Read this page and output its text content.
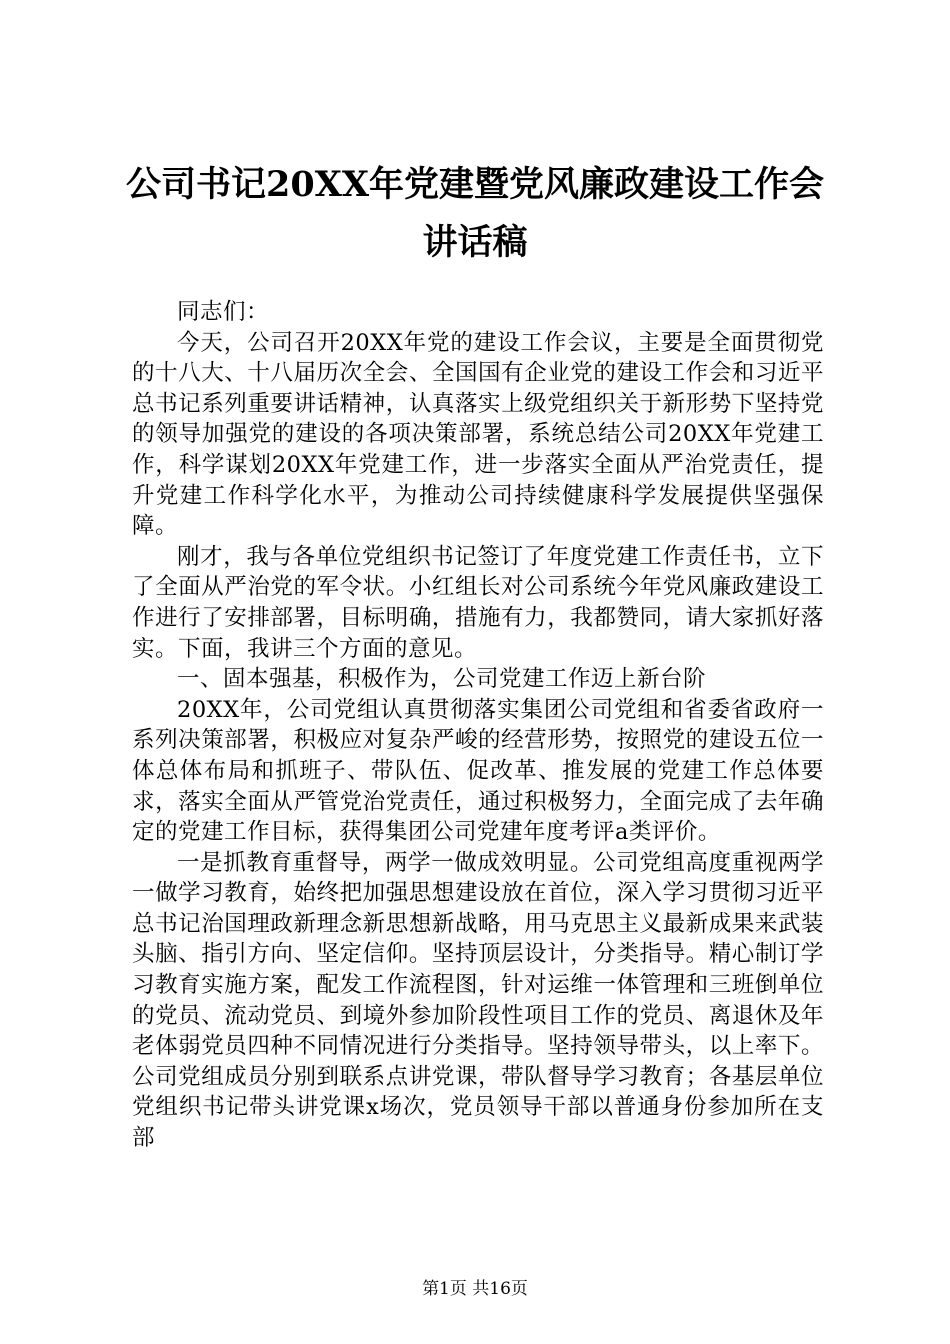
公司书记20XX年党建暨党风廉政建设工作会
讲话稿

同志们：

今天，公司召开20XX年党的建设工作会议，主要是全面贯彻党的十八大、十八届历次全会、全国国有企业党的建设工作会和习近平总书记系列重要讲话精神，认真落实上级党组织关于新形势下坚持党的领导加强党的建设的各项决策部署，系统总结公司20XX年党建工作，科学谋划20XX年党建工作，进一步落实全面从严治党责任，提升党建工作科学化水平，为推动公司持续健康科学发展提供坚强保障。

刚才，我与各单位党组织书记签订了年度党建工作责任书，立下了全面从严治党的军令状。小红组长对公司系统今年党风廉政建设工作进行了安排部署，目标明确，措施有力，我都赞同，请大家抓好落实。下面，我讲三个方面的意见。

一、固本强基，积极作为，公司党建工作迈上新台阶

20XX年，公司党组认真贯彻落实集团公司党组和省委省政府一系列决策部署，积极应对复杂严峻的经营形势，按照党的建设五位一体总体布局和抓班子、带队伍、促改革、推发展的党建工作总体要求，落实全面从严管党治党责任，通过积极努力，全面完成了去年确定的党建工作目标，获得集团公司党建年度考评a类评价。

一是抓教育重督导，两学一做成效明显。公司党组高度重视两学一做学习教育，始终把加强思想建设放在首位，深入学习贯彻习近平总书记治国理政新理念新思想新战略，用马克思主义最新成果来武装头脑、指引方向、坚定信仰。坚持顶层设计，分类指导。精心制订学习教育实施方案，配发工作流程图，针对运维一体管理和三班倒单位的党员、流动党员、到境外参加阶段性项目工作的党员、离退休及年老体弱党员四种不同情况进行分类指导。坚持领导带头，以上率下。公司党组成员分别到联系点讲党课，带队督导学习教育；各基层单位党组织书记带头讲党课x场次，党员领导干部以普通身份参加所在支部

第1页 共16页
